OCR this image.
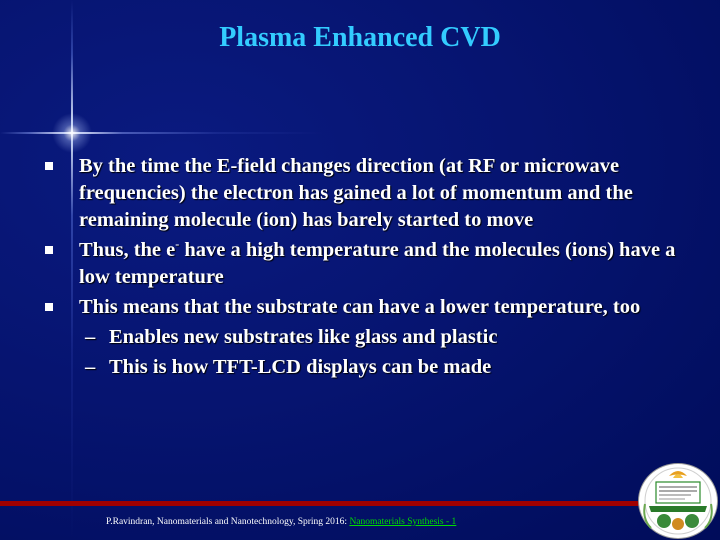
Plasma Enhanced CVD
By the time the E-field changes direction (at RF or microwave frequencies) the electron has gained a lot of momentum and the remaining molecule (ion) has barely started to move
Thus, the e- have a high temperature and the molecules (ions) have a low temperature
This means that the substrate can have a lower temperature, too
– Enables new substrates like glass and plastic
– This is how TFT-LCD displays can be made
P.Ravindran, Nanomaterials and Nanotechnology, Spring 2016: Nanomaterials Synthesis - 1
